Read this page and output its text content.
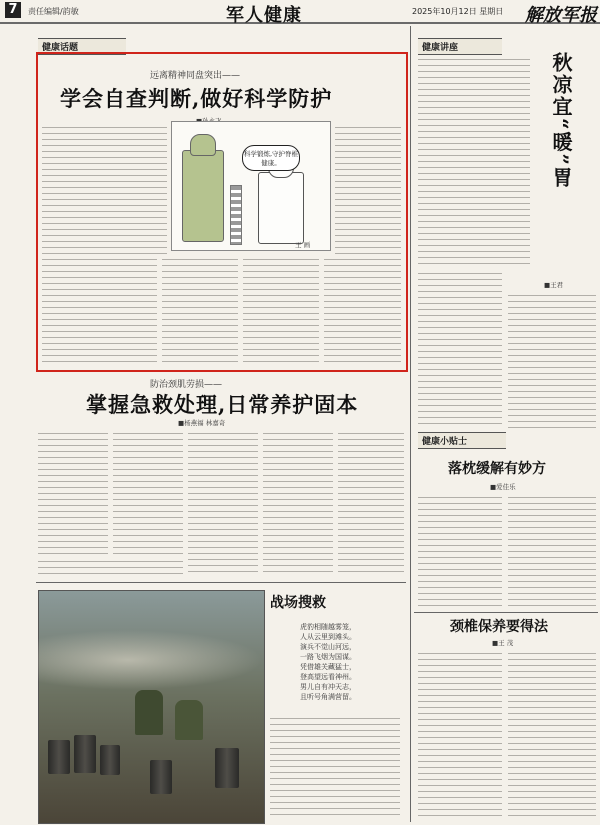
7	责任编辑/韵敏	军人健康	2025年10月12日 星期日 解放军报
健康话题
远离精神同盘突出——
学会自查判断,做好科学防护
科学锻炼,守护脊椎健康。
王 画
防治颈肌劳损——
掌握急救处理,日常养护固本
■杨燕福 林嘉奇
战场搜救
虎豹相随越雾笼，
人从云里到滩头。
演兵不觉山河远，
一路飞烟为国谋。
凭借雄关藏猛士，
登高望远看神州。
男儿自有冲天志，
且听号角满营留。
健康讲座
秋凉宜“暖”胃
■王君
健康小贴士
落枕缓解有妙方
■爱佳乐
颈椎保养要得法
■王 茂
